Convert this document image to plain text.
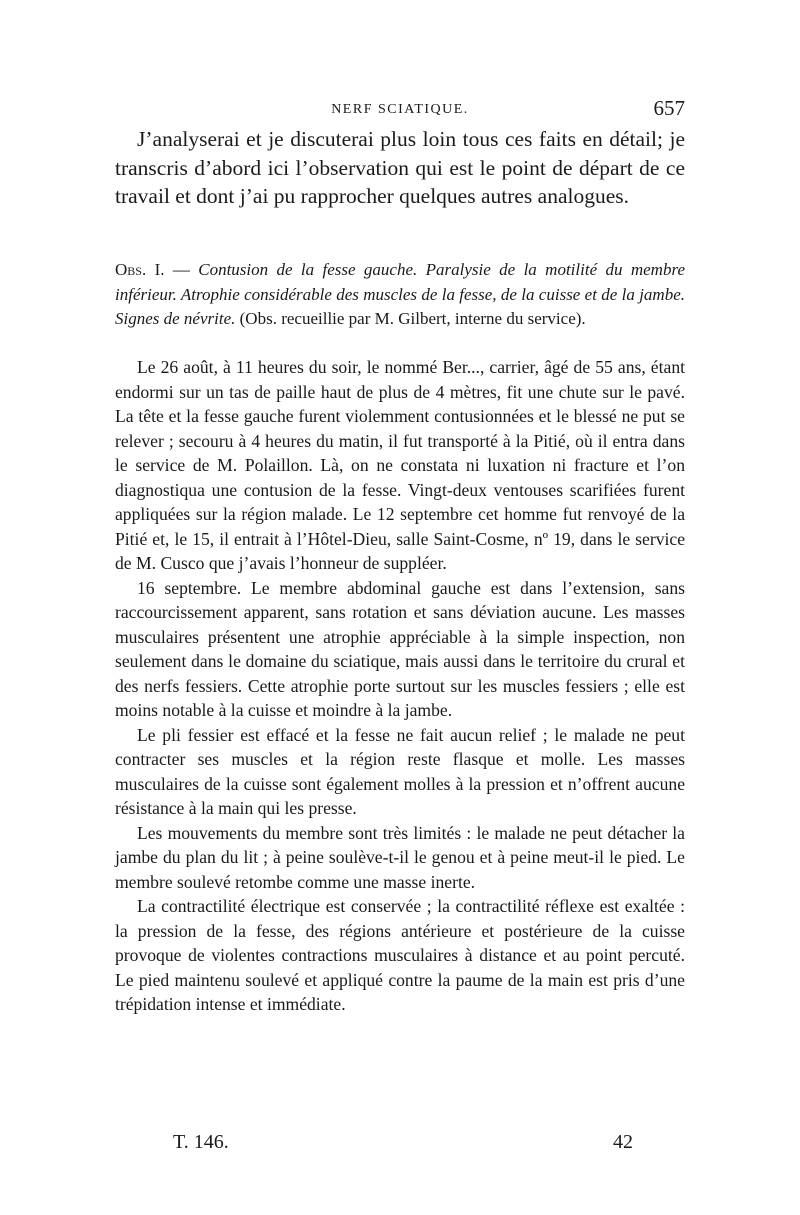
NERF SCIATIQUE.	657

J’analyserai et je discuterai plus loin tous ces faits en détail; je transcris d’abord ici l’observation qui est le point de départ de ce travail et dont j’ai pu rapprocher quelques autres analogues.

Obs. I. — Contusion de la fesse gauche. Paralysie de la motilité du membre inférieur. Atrophie considérable des muscles de la fesse, de la cuisse et de la jambe. Signes de névrite. (Obs. recueillie par M. Gilbert, interne du service).

Le 26 août, à 11 heures du soir, le nommé Ber..., carrier, âgé de 55 ans, étant endormi sur un tas de paille haut de plus de 4 mètres, fit une chute sur le pavé. La tête et la fesse gauche furent violemment contusionnées et le blessé ne put se relever ; secouru à 4 heures du matin, il fut transporté à la Pitié, où il entra dans le service de M. Polaillon. Là, on ne constata ni luxation ni fracture et l’on diagnostiqua une contusion de la fesse. Vingt-deux ventouses scarifiées furent appliquées sur la région malade. Le 12 septembre cet homme fut renvoyé de la Pitié et, le 15, il entrait à l’Hôtel-Dieu, salle Saint-Cosme, nº 19, dans le service de M. Cusco que j’avais l’honneur de suppléer.

16 septembre. Le membre abdominal gauche est dans l’extension, sans raccourcissement apparent, sans rotation et sans déviation aucune. Les masses musculaires présentent une atrophie appréciable à la simple inspection, non seulement dans le domaine du sciatique, mais aussi dans le territoire du crural et des nerfs fessiers. Cette atrophie porte surtout sur les muscles fessiers ; elle est moins notable à la cuisse et moindre à la jambe.

Le pli fessier est effacé et la fesse ne fait aucun relief ; le malade ne peut contracter ses muscles et la région reste flasque et molle. Les masses musculaires de la cuisse sont également molles à la pression et n’offrent aucune résistance à la main qui les presse.

Les mouvements du membre sont très limités : le malade ne peut détacher la jambe du plan du lit ; à peine soulève-t-il le genou et à peine meut-il le pied. Le membre soulevé retombe comme une masse inerte.

La contractilité électrique est conservée ; la contractilité réflexe est exaltée : la pression de la fesse, des régions antérieure et postérieure de la cuisse provoque de violentes contractions musculaires à distance et au point percuté. Le pied maintenu soulevé et appliqué contre la paume de la main est pris d’une trépidation intense et immédiate.

T. 146.	42
